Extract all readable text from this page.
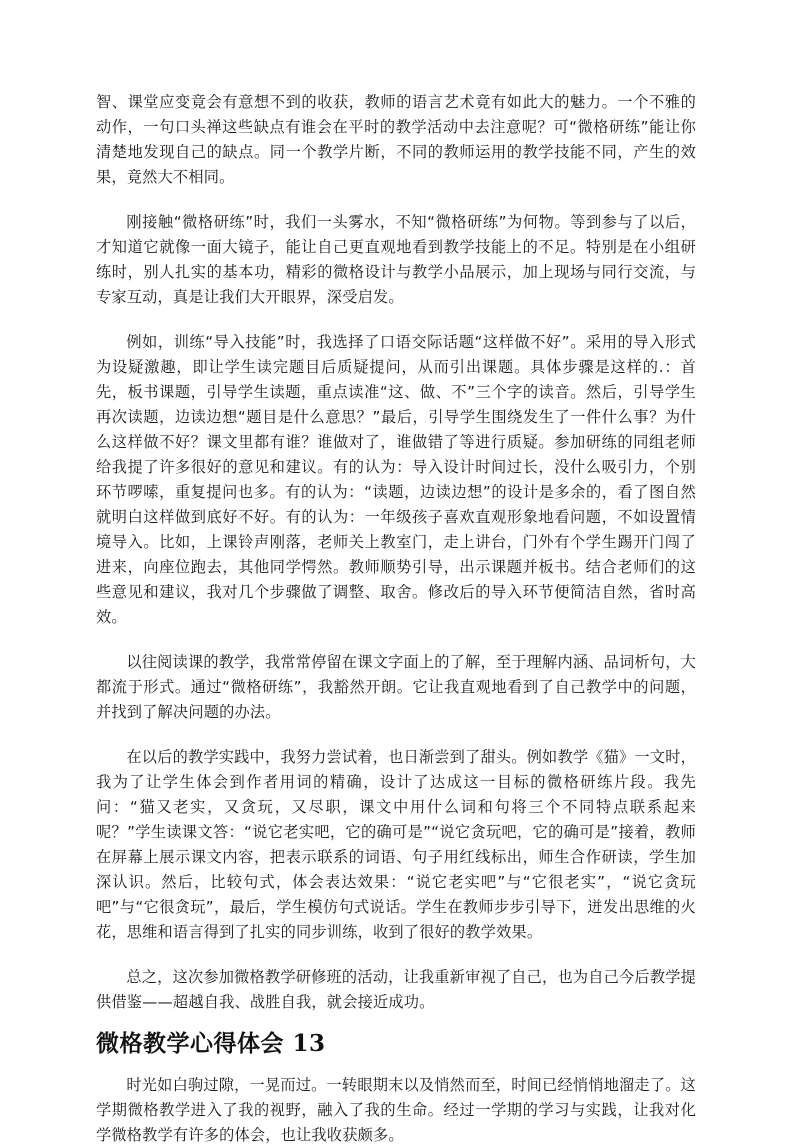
智、课堂应变竟会有意想不到的收获，教师的语言艺术竟有如此大的魅力。一个不雅的动作，一句口头禅这些缺点有谁会在平时的教学活动中去注意呢？可“微格研练”能让你清楚地发现自己的缺点。同一个教学片断，不同的教师运用的教学技能不同，产生的效果，竟然大不相同。

刚接触“微格研练”时，我们一头雾水，不知“微格研练”为何物。等到参与了以后，才知道它就像一面大镜子，能让自己更直观地看到教学技能上的不足。特别是在小组研练时，别人扎实的基本功，精彩的微格设计与教学小品展示，加上现场与同行交流，与专家互动，真是让我们大开眼界，深受启发。

例如，训练“导入技能”时，我选择了口语交际话题“这样做不好”。采用的导入形式为设疑激趣，即让学生读完题目后质疑提问，从而引出课题。具体步骤是这样的.：首先，板书课题，引导学生读题，重点读准“这、做、不”三个字的读音。然后，引导学生再次读题，边读边想“题目是什么意思？”最后，引导学生围绕发生了一件什么事？为什么这样做不好？课文里都有谁？谁做对了，谁做错了等进行质疑。参加研练的同组老师给我提了许多很好的意见和建议。有的认为：导入设计时间过长，没什么吸引力，个别环节啰嗦，重复提问也多。有的认为：“读题，边读边想”的设计是多余的，看了图自然就明白这样做到底好不好。有的认为：一年级孩子喜欢直观形象地看问题，不如设置情境导入。比如，上课铃声刚落，老师关上教室门，走上讲台，门外有个学生踢开门闯了进来，向座位跑去，其他同学愕然。教师顺势引导，出示课题并板书。结合老师们的这些意见和建议，我对几个步骤做了调整、取舍。修改后的导入环节便简洁自然，省时高效。

以往阅读课的教学，我常常停留在课文字面上的了解，至于理解内涵、品词析句，大都流于形式。通过“微格研练”，我豁然开朗。它让我直观地看到了自己教学中的问题，并找到了解决问题的办法。

在以后的教学实践中，我努力尝试着，也日渐尝到了甜头。例如教学《猫》一文时，我为了让学生体会到作者用词的精确，设计了达成这一目标的微格研练片段。我先问：“猫又老实，又贪玩，又尽职，课文中用什么词和句将三个不同特点联系起来呢？”学生读课文答：“说它老实吧，它的确可是”“说它贪玩吧，它的确可是”接着，教师在屏幕上展示课文内容，把表示联系的词语、句子用红线标出，师生合作研读，学生加深认识。然后，比较句式，体会表达效果：“说它老实吧”与“它很老实”，“说它贪玩吧”与“它很贪玩”，最后，学生模仿句式说话。学生在教师步步引导下，迸发出思维的火花，思维和语言得到了扎实的同步训练，收到了很好的教学效果。

总之，这次参加微格教学研修班的活动，让我重新审视了自己，也为自己今后教学提供借鉴——超越自我、战胜自我，就会接近成功。

微格教学心得体会 13

时光如白驹过隙，一晃而过。一转眼期末以及悄然而至，时间已经悄悄地溜走了。这学期微格教学进入了我的视野，融入了我的生命。经过一学期的学习与实践，让我对化学微格教学有许多的体会，也让我收获颇多。
